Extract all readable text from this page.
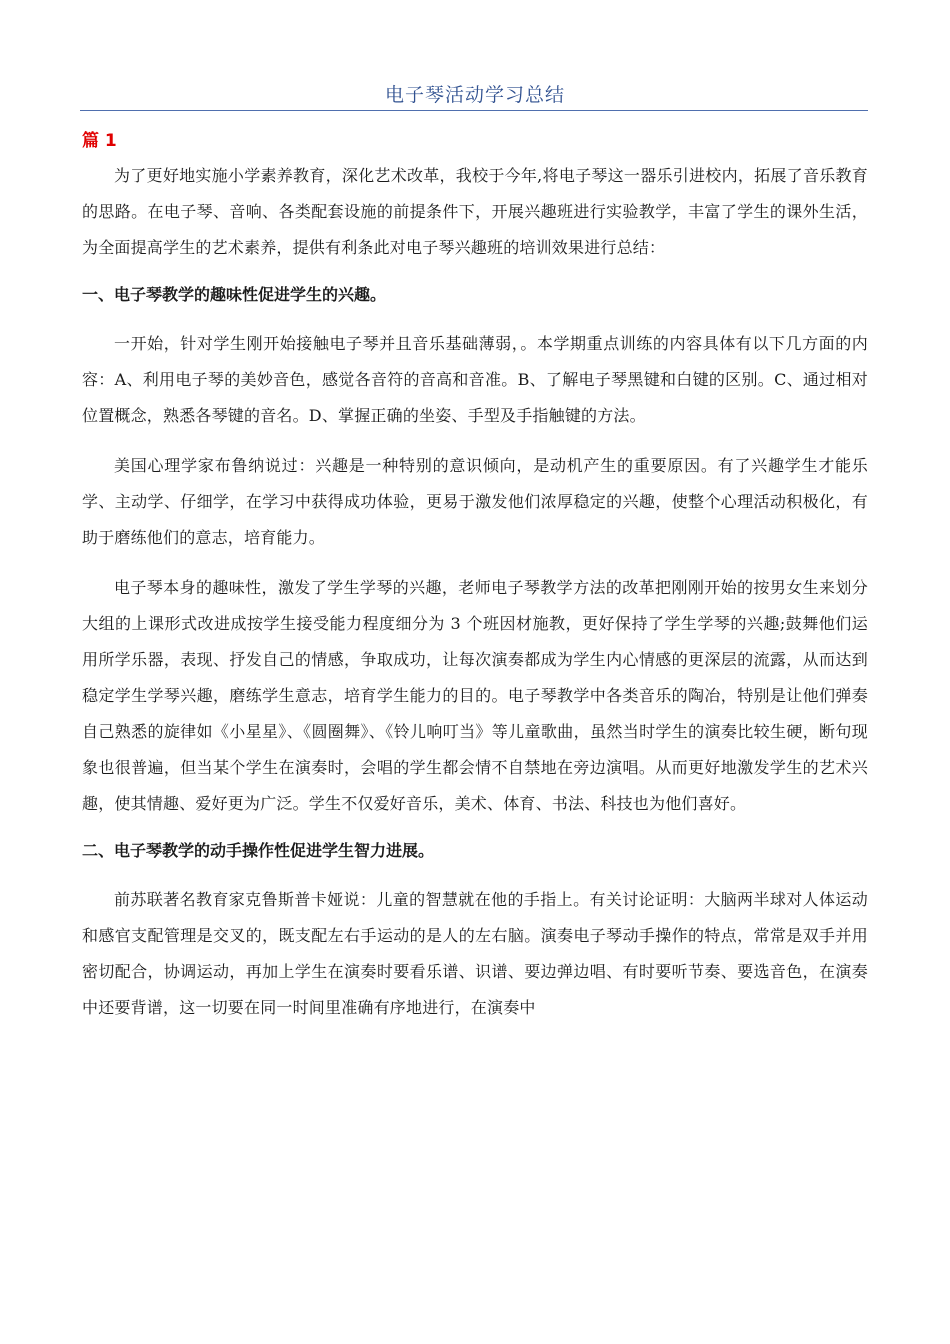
电子琴活动学习总结
篇 1

为了更好地实施小学素养教育，深化艺术改革，我校于今年,将电子琴这一器乐引进校内，拓展了音乐教育的思路。在电子琴、音响、各类配套设施的前提条件下，开展兴趣班进行实验教学，丰富了学生的课外生活，为全面提高学生的艺术素养，提供有利条此对电子琴兴趣班的培训效果进行总结：

一、电子琴教学的趣味性促进学生的兴趣。

一开始，针对学生刚开始接触电子琴并且音乐基础薄弱，。本学期重点训练的内容具体有以下几方面的内容：A、利用电子琴的美妙音色，感觉各音符的音高和音准。B、了解电子琴黑键和白键的区别。C、通过相对位置概念，熟悉各琴键的音名。D、掌握正确的坐姿、手型及手指触键的方法。

美国心理学家布鲁纳说过：兴趣是一种特别的意识倾向，是动机产生的重要原因。有了兴趣学生才能乐学、主动学、仔细学，在学习中获得成功体验，更易于激发他们浓厚稳定的兴趣，使整个心理活动积极化，有助于磨练他们的意志，培育能力。

电子琴本身的趣味性，激发了学生学琴的兴趣，老师电子琴教学方法的改革把刚刚开始的按男女生来划分大组的上课形式改进成按学生接受能力程度细分为 3 个班因材施教，更好保持了学生学琴的兴趣;鼓舞他们运用所学乐器，表现、抒发自己的情感，争取成功，让每次演奏都成为学生内心情感的更深层的流露，从而达到稳定学生学琴兴趣，磨练学生意志，培育学生能力的目的。电子琴教学中各类音乐的陶冶，特别是让他们弹奏自己熟悉的旋律如《小星星》、《圆圈舞》、《铃儿响叮当》等儿童歌曲，虽然当时学生的演奏比较生硬，断句现象也很普遍，但当某个学生在演奏时，会唱的学生都会情不自禁地在旁边演唱。从而更好地激发学生的艺术兴趣，使其情趣、爱好更为广泛。学生不仅爱好音乐，美术、体育、书法、科技也为他们喜好。

二、电子琴教学的动手操作性促进学生智力进展。

前苏联著名教育家克鲁斯普卡娅说：儿童的智慧就在他的手指上。有关讨论证明：大脑两半球对人体运动和感官支配管理是交叉的，既支配左右手运动的是人的左右脑。演奏电子琴动手操作的特点，常常是双手并用密切配合，协调运动，再加上学生在演奏时要看乐谱、识谱、要边弹边唱、有时要听节奏、要选音色，在演奏中还要背谱，这一切要在同一时间里准确有序地进行，在演奏中
